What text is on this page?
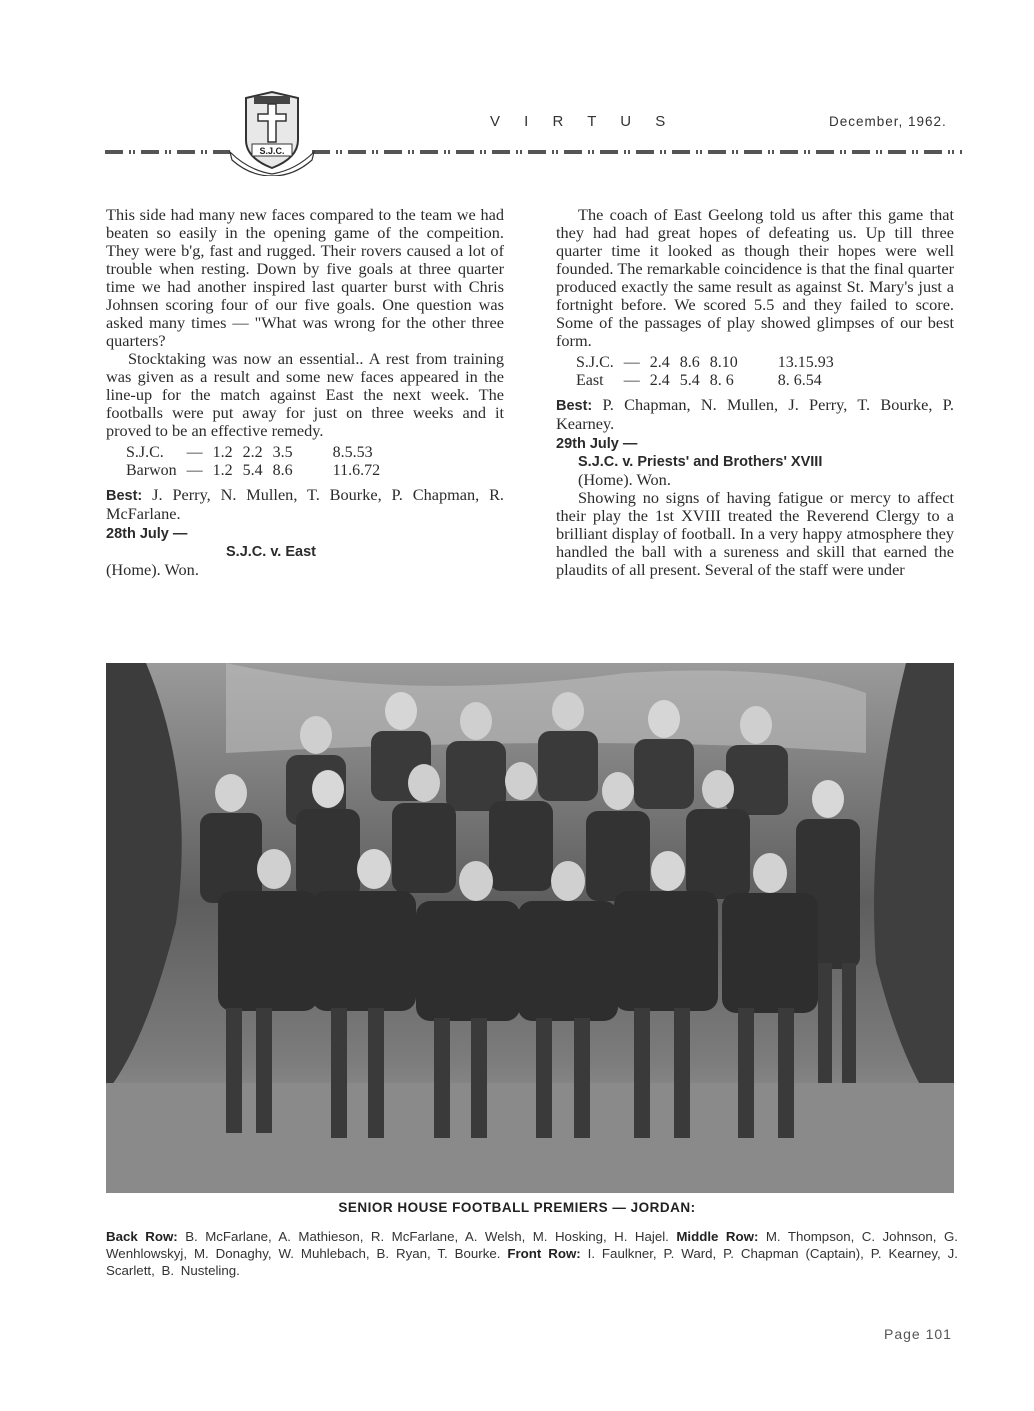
S.J.C.
V I R T U S	December, 1962.

This side had many new faces compared to the team we had beaten so easily in the opening game of the compeition. They were b'g, fast and rugged. Their rovers caused a lot of trouble when resting. Down by five goals at three quarter time we had another inspired last quarter burst with Chris Johnsen scoring four of our five goals. One question was asked many times — "What was wrong for the other three quarters?

Stocktaking was now an essential.. A rest from training was given as a result and some new faces appeared in the line-up for the match against East the next week. The footballs were put away for just on three weeks and it proved to be an effective remedy.

S.J.C.	—	1.2	2.2	3.5	8.5.53
Barwon	—	1.2	5.4	8.6	11.6.72

Best: J. Perry, N. Mullen, T. Bourke, P. Chapman, R. McFarlane.

28th July —
S.J.C. v. East
(Home). Won.

The coach of East Geelong told us after this game that they had had great hopes of defeating us. Up till three quarter time it looked as though their hopes were well founded. The remarkable coincidence is that the final quarter produced exactly the same result as against St. Mary's just a fortnight before. We scored 5.5 and they failed to score. Some of the passages of play showed glimpses of our best form.

S.J.C.	—	2.4	8.6	8.10	13.15.93
East	—	2.4	5.4	8. 6	8. 6.54

Best: P. Chapman, N. Mullen, J. Perry, T. Bourke, P. Kearney.

29th July —
S.J.C. v. Priests' and Brothers' XVIII
(Home). Won.

Showing no signs of having fatigue or mercy to affect their play the 1st XVIII treated the Reverend Clergy to a brilliant display of football. In a very happy atmosphere they handled the ball with a sureness and skill that earned the plaudits of all present. Several of the staff were under

SENIOR HOUSE FOOTBALL PREMIERS — JORDAN:
Back Row: B. McFarlane, A. Mathieson, R. McFarlane, A. Welsh, M. Hosking, H. Hajel. Middle Row: M. Thompson, C. Johnson, G. Wenhlowskyj, M. Donaghy, W. Muhlebach, B. Ryan, T. Bourke. Front Row: I. Faulkner, P. Ward, P. Chapman (Captain), P. Kearney, J. Scarlett, B. Nusteling.
Page 101
